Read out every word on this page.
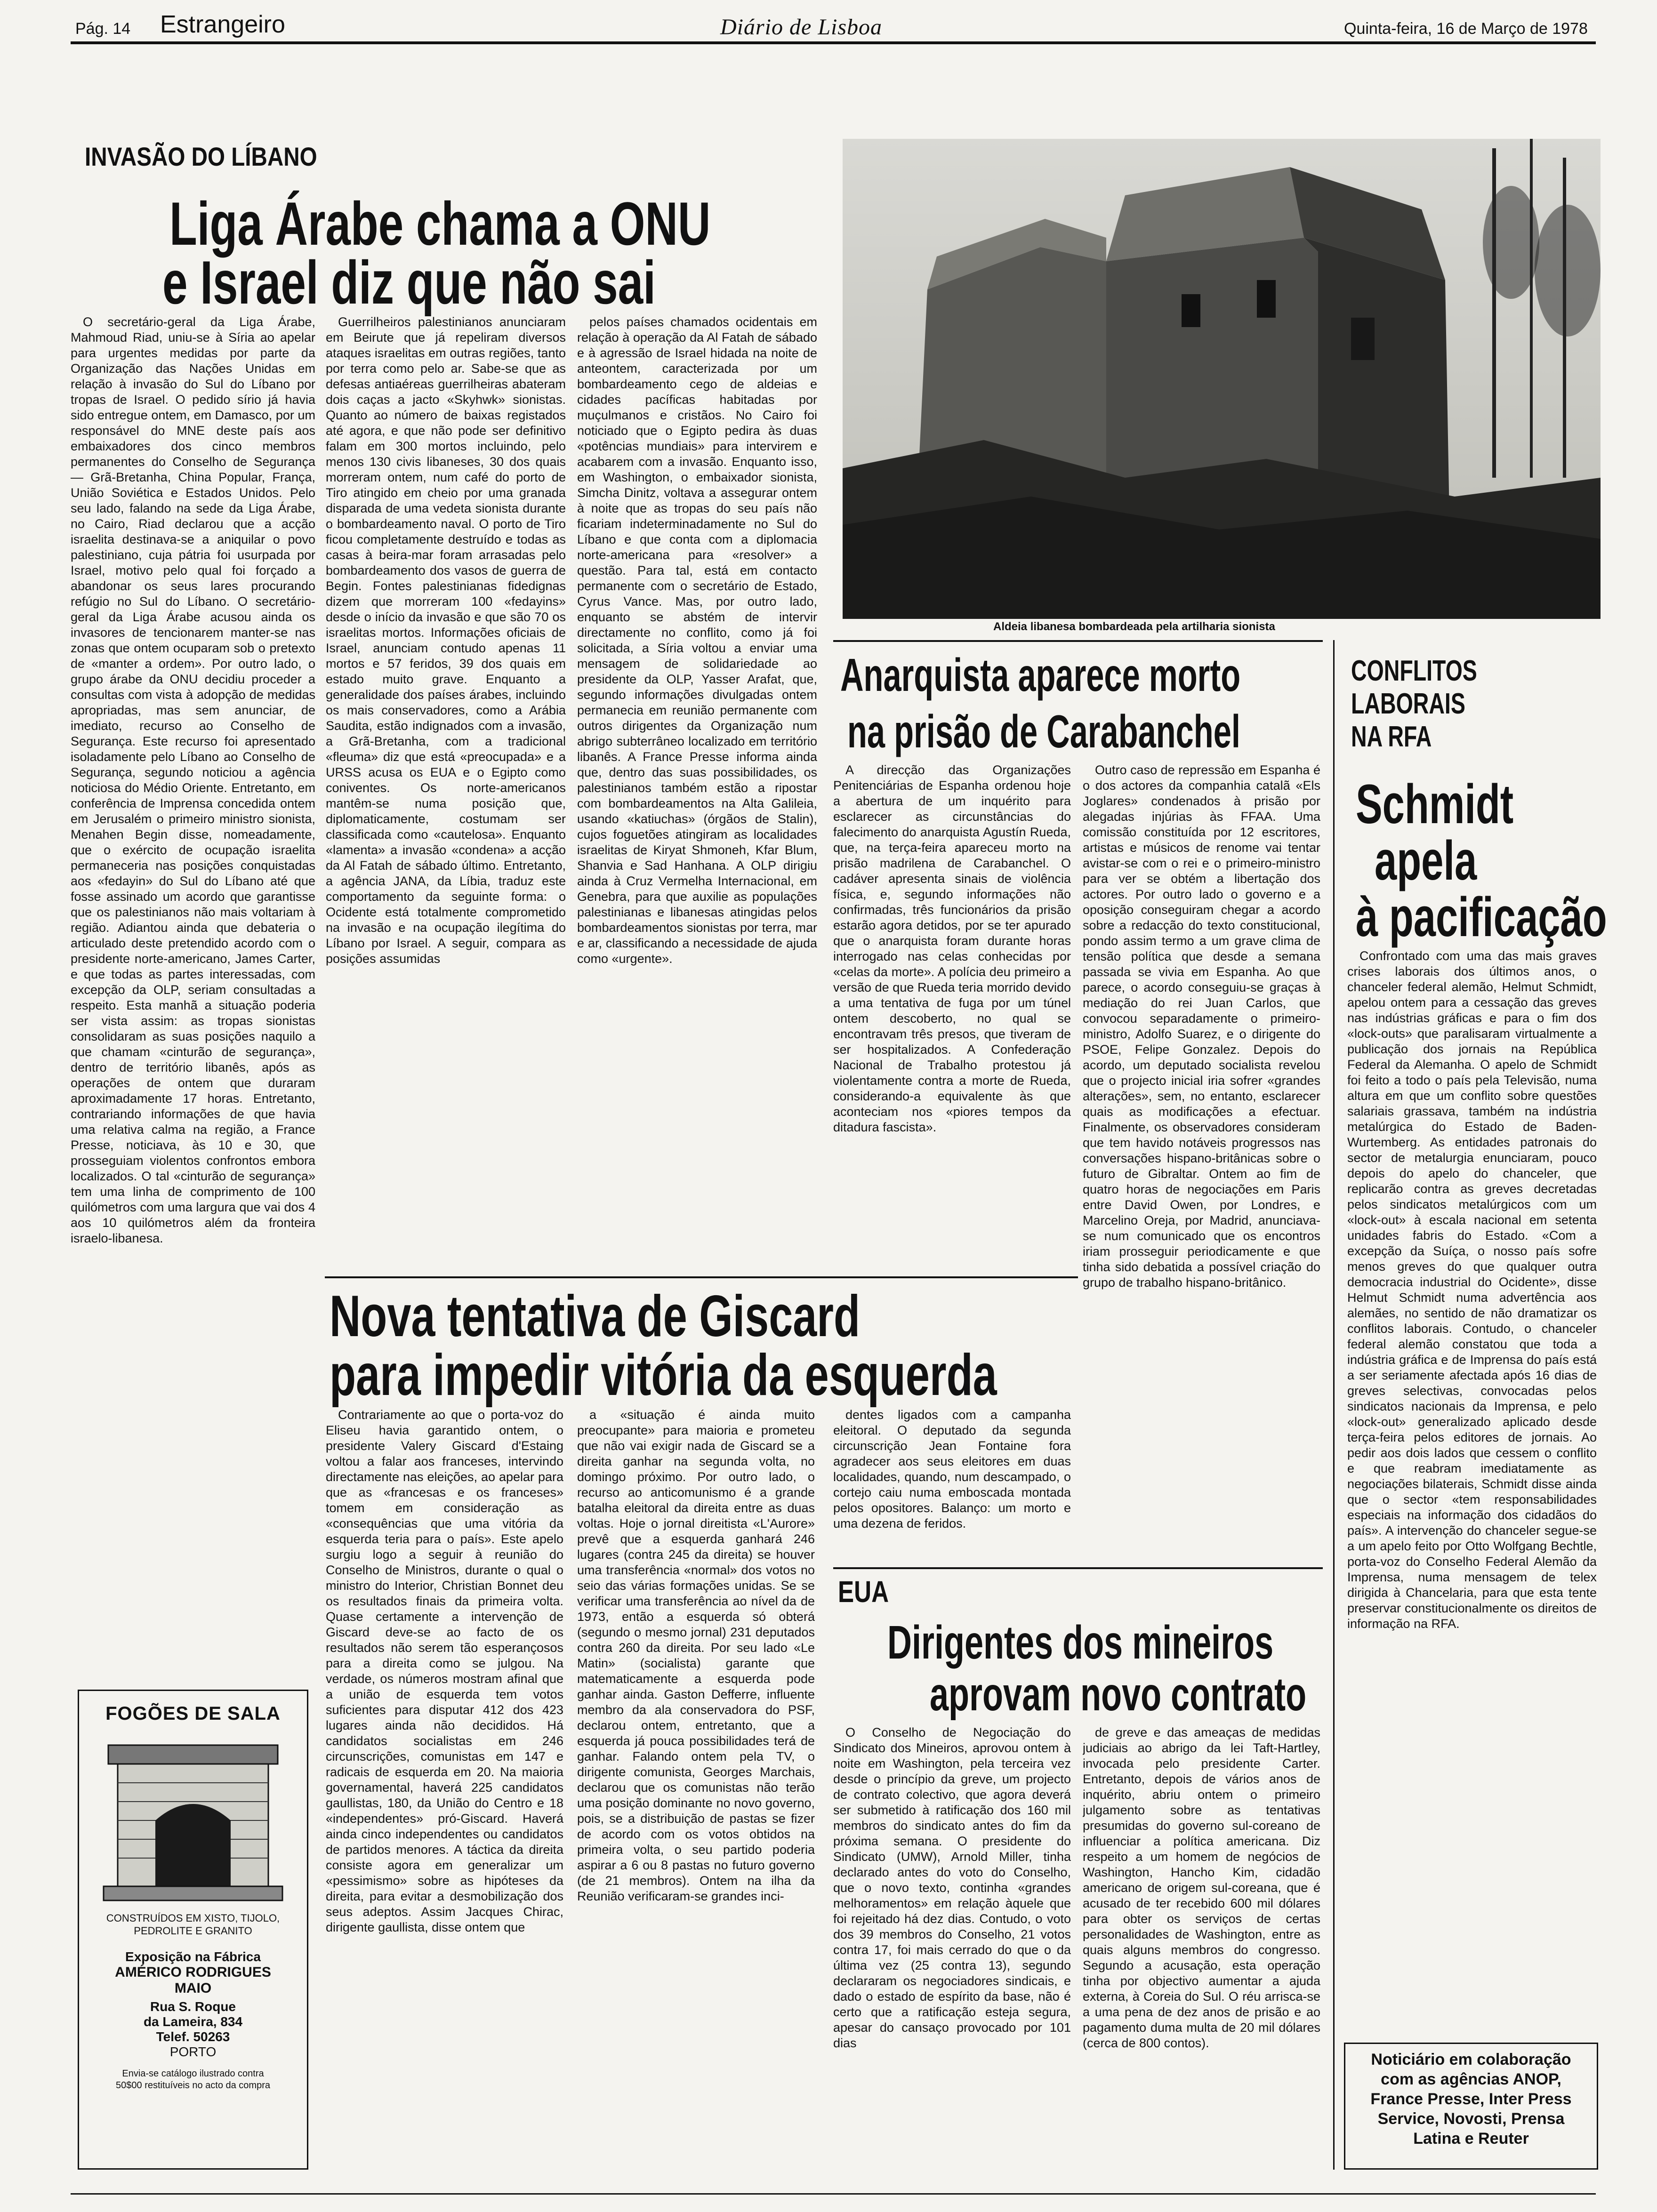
Pág. 14 Estrangeiro	Diário de Lisboa	Quinta-feira, 16 de Março de 1978
INVASÃO DO LÍBANO
Liga Árabe chama a ONU
e Israel diz que não sai

O secretário-geral da Liga Árabe, Mahmoud Riad, uniu-se à Síria ao apelar para urgentes medidas por parte da Organização das Nações Unidas em relação à invasão do Sul do Líbano por tropas de Israel. O pedido sírio já havia sido entregue ontem, em Damasco, por um responsável do MNE deste país aos embaixadores dos cinco membros permanentes do Conselho de Segurança — Grã-Bretanha, China Popular, França, União Soviética e Estados Unidos. Pelo seu lado, falando na sede da Liga Árabe, no Cairo, Riad declarou que a acção israelita destinava-se a aniquilar o povo palestiniano, cuja pátria foi usurpada por Israel, motivo pelo qual foi forçado a abandonar os seus lares procurando refúgio no Sul do Líbano. O secretário-geral da Liga Árabe acusou ainda os invasores de tencionarem manter-se nas zonas que ontem ocuparam sob o pretexto de «manter a ordem». Por outro lado, o grupo árabe da ONU decidiu proceder a consultas com vista à adopção de medidas apropriadas, mas sem anunciar, de imediato, recurso ao Conselho de Segurança. Este recurso foi apresentado isoladamente pelo Líbano ao Conselho de Segurança, segundo noticiou a agência noticiosa do Médio Oriente. Entretanto, em conferência de Imprensa concedida ontem em Jerusalém o primeiro ministro sionista, Menahen Begin disse, nomeadamente, que o exército de ocupação israelita permaneceria nas posições conquistadas aos «fedayin» do Sul do Líbano até que fosse assinado um acordo que garantisse que os palestinianos não mais voltariam à região. Adiantou ainda que debateria o articulado deste pretendido acordo com o presidente norte-americano, James Carter, e que todas as partes interessadas, com excepção da OLP, seriam consultadas a respeito. Esta manhã a situação poderia ser vista assim: as tropas sionistas consolidaram as suas posições naquilo a que chamam «cinturão de segurança», dentro de território libanês, após as operações de ontem que duraram aproximadamente 17 horas. Entretanto, contrariando informações de que havia uma relativa calma na região, a France Presse, noticiava, às 10 e 30, que prosseguiam violentos confrontos embora localizados. O tal «cinturão de segurança» tem uma linha de comprimento de 100 quilómetros com uma largura que vai dos 4 aos 10 quilómetros além da fronteira israelo-libanesa.

Guerrilheiros palestinianos anunciaram em Beirute que já repeliram diversos ataques israelitas em outras regiões, tanto por terra como pelo ar. Sabe-se que as defesas antiaéreas guerrilheiras abateram dois caças a jacto «Skyhwk» sionistas. Quanto ao número de baixas registados até agora, e que não pode ser definitivo falam em 300 mortos incluindo, pelo menos 130 civis libaneses, 30 dos quais morreram ontem, num café do porto de Tiro atingido em cheio por uma granada disparada de uma vedeta sionista durante o bombardeamento naval. O porto de Tiro ficou completamente destruído e todas as casas à beira-mar foram arrasadas pelo bombardeamento dos vasos de guerra de Begin. Fontes palestinianas fidedignas dizem que morreram 100 «fedayins» desde o início da invasão e que são 70 os israelitas mortos. Informações oficiais de Israel, anunciam contudo apenas 11 mortos e 57 feridos, 39 dos quais em estado muito grave. Enquanto a generalidade dos países árabes, incluindo os mais conservadores, como a Arábia Saudita, estão indignados com a invasão, a Grã-Bretanha, com a tradicional «fleuma» diz que está «preocupada» e a URSS acusa os EUA e o Egipto como coniventes. Os norte-americanos mantêm-se numa posição que, diplomaticamente, costumam ser classificada como «cautelosa». Enquanto «lamenta» a invasão «condena» a acção da Al Fatah de sábado último. Entretanto, a agência JANA, da Líbia, traduz este comportamento da seguinte forma: o Ocidente está totalmente comprometido na invasão e na ocupação ilegítima do Líbano por Israel. A seguir, compara as posições assumidas

pelos países chamados ocidentais em relação à operação da Al Fatah de sábado e à agressão de Israel hidada na noite de anteontem, caracterizada por um bombardeamento cego de aldeias e cidades pacíficas habitadas por muçulmanos e cristãos. No Cairo foi noticiado que o Egipto pedira às duas «potências mundiais» para intervirem e acabarem com a invasão. Enquanto isso, em Washington, o embaixador sionista, Simcha Dinitz, voltava a assegurar ontem à noite que as tropas do seu país não ficariam indeterminadamente no Sul do Líbano e que conta com a diplomacia norte-americana para «resolver» a questão. Para tal, está em contacto permanente com o secretário de Estado, Cyrus Vance. Mas, por outro lado, enquanto se abstém de intervir directamente no conflito, como já foi solicitada, a Síria voltou a enviar uma mensagem de solidariedade ao presidente da OLP, Yasser Arafat, que, segundo informações divulgadas ontem permanecia em reunião permanente com outros dirigentes da Organização num abrigo subterrâneo localizado em território libanês. A France Presse informa ainda que, dentro das suas possibilidades, os palestinianos também estão a ripostar com bombardeamentos na Alta Galileia, usando «katiuchas» (órgãos de Stalin), cujos foguetões atingiram as localidades israelitas de Kiryat Shmoneh, Kfar Blum, Shanvia e Sad Hanhana. A OLP dirigiu ainda à Cruz Vermelha Internacional, em Genebra, para que auxilie as populações palestinianas e libanesas atingidas pelos bombardeamentos sionistas por terra, mar e ar, classificando a necessidade de ajuda como «urgente».

Aldeia libanesa bombardeada pela artilharia sionista
Anarquista aparece morto
na prisão de Carabanchel

A direcção das Organizações Penitenciárias de Espanha ordenou hoje a abertura de um inquérito para esclarecer as circunstâncias do falecimento do anarquista Agustín Rueda, que, na terça-feira apareceu morto na prisão madrilena de Carabanchel. O cadáver apresenta sinais de violência física, e, segundo informações não confirmadas, três funcionários da prisão estarão agora detidos, por se ter apurado que o anarquista foram durante horas interrogado nas celas conhecidas por «celas da morte». A polícia deu primeiro a versão de que Rueda teria morrido devido a uma tentativa de fuga por um túnel ontem descoberto, no qual se encontravam três presos, que tiveram de ser hospitalizados. A Confederação Nacional de Trabalho protestou já violentamente contra a morte de Rueda, considerando-a equivalente às que aconteciam nos «piores tempos da ditadura fascista».

Outro caso de repressão em Espanha é o dos actores da companhia catalã «Els Joglares» condenados à prisão por alegadas injúrias às FFAA. Uma comissão constituída por 12 escritores, artistas e músicos de renome vai tentar avistar-se com o rei e o primeiro-ministro para ver se obtém a libertação dos actores. Por outro lado o governo e a oposição conseguiram chegar a acordo sobre a redacção do texto constitucional, pondo assim termo a um grave clima de tensão política que desde a semana passada se vivia em Espanha. Ao que parece, o acordo conseguiu-se graças à mediação do rei Juan Carlos, que convocou separadamente o primeiro-ministro, Adolfo Suarez, e o dirigente do PSOE, Felipe Gonzalez. Depois do acordo, um deputado socialista revelou que o projecto inicial iria sofrer «grandes alterações», sem, no entanto, esclarecer quais as modificações a efectuar. Finalmente, os observadores consideram que tem havido notáveis progressos nas conversações hispano-britânicas sobre o futuro de Gibraltar. Ontem ao fim de quatro horas de negociações em Paris entre David Owen, por Londres, e Marcelino Oreja, por Madrid, anunciava-se num comunicado que os encontros iriam prosseguir periodicamente e que tinha sido debatida a possível criação do grupo de trabalho hispano-britânico.

CONFLITOS
LABORAIS
NA RFA
Schmidt
apela
à pacificação

Confrontado com uma das mais graves crises laborais dos últimos anos, o chanceler federal alemão, Helmut Schmidt, apelou ontem para a cessação das greves nas indústrias gráficas e para o fim dos «lock-outs» que paralisaram virtualmente a publicação dos jornais na República Federal da Alemanha. O apelo de Schmidt foi feito a todo o país pela Televisão, numa altura em que um conflito sobre questões salariais grassava, também na indústria metalúrgica do Estado de Baden-Wurtemberg. As entidades patronais do sector de metalurgia enunciaram, pouco depois do apelo do chanceler, que replicarão contra as greves decretadas pelos sindicatos metalúrgicos com um «lock-out» à escala nacional em setenta unidades fabris do Estado. «Com a excepção da Suíça, o nosso país sofre menos greves do que qualquer outra democracia industrial do Ocidente», disse Helmut Schmidt numa advertência aos alemães, no sentido de não dramatizar os conflitos laborais. Contudo, o chanceler federal alemão constatou que toda a indústria gráfica e de Imprensa do país está a ser seriamente afectada após 16 dias de greves selectivas, convocadas pelos sindicatos nacionais da Imprensa, e pelo «lock-out» generalizado aplicado desde terça-feira pelos editores de jornais. Ao pedir aos dois lados que cessem o conflito e que reabram imediatamente as negociações bilaterais, Schmidt disse ainda que o sector «tem responsabilidades especiais na informação dos cidadãos do país». A intervenção do chanceler segue-se a um apelo feito por Otto Wolfgang Bechtle, porta-voz do Conselho Federal Alemão da Imprensa, numa mensagem de telex dirigida à Chancelaria, para que esta tente preservar constitucionalmente os direitos de informação na RFA.

Noticiário em colaboração com as agências ANOP, France Presse, Inter Press Service, Novosti, Prensa Latina e Reuter
Nova tentativa de Giscard
para impedir vitória da esquerda

Contrariamente ao que o porta-voz do Eliseu havia garantido ontem, o presidente Valery Giscard d'Estaing voltou a falar aos franceses, intervindo directamente nas eleições, ao apelar para que as «francesas e os franceses» tomem em consideração as «consequências que uma vitória da esquerda teria para o país». Este apelo surgiu logo a seguir à reunião do Conselho de Ministros, durante o qual o ministro do Interior, Christian Bonnet deu os resultados finais da primeira volta. Quase certamente a intervenção de Giscard deve-se ao facto de os resultados não serem tão esperançosos para a direita como se julgou. Na verdade, os números mostram afinal que a união de esquerda tem votos suficientes para disputar 412 dos 423 lugares ainda não decididos. Há candidatos socialistas em 246 circunscrições, comunistas em 147 e radicais de esquerda em 20. Na maioria governamental, haverá 225 candidatos gaullistas, 180, da União do Centro e 18 «independentes» pró-Giscard. Haverá ainda cinco independentes ou candidatos de partidos menores. A táctica da direita consiste agora em generalizar um «pessimismo» sobre as hipóteses da direita, para evitar a desmobilização dos seus adeptos. Assim Jacques Chirac, dirigente gaullista, disse ontem que

a «situação é ainda muito preocupante» para maioria e prometeu que não vai exigir nada de Giscard se a direita ganhar na segunda volta, no domingo próximo. Por outro lado, o recurso ao anticomunismo é a grande batalha eleitoral da direita entre as duas voltas. Hoje o jornal direitista «L'Aurore» prevê que a esquerda ganhará 246 lugares (contra 245 da direita) se houver uma transferência «normal» dos votos no seio das várias formações unidas. Se se verificar uma transferência ao nível da de 1973, então a esquerda só obterá (segundo o mesmo jornal) 231 deputados contra 260 da direita. Por seu lado «Le Matin» (socialista) garante que matematicamente a esquerda pode ganhar ainda. Gaston Defferre, influente membro da ala conservadora do PSF, declarou ontem, entretanto, que a esquerda já pouca possibilidades terá de ganhar. Falando ontem pela TV, o dirigente comunista, Georges Marchais, declarou que os comunistas não terão uma posição dominante no novo governo, pois, se a distribuição de pastas se fizer de acordo com os votos obtidos na primeira volta, o seu partido poderia aspirar a 6 ou 8 pastas no futuro governo (de 21 membros). Ontem na ilha da Reunião verificaram-se grandes inci-

dentes ligados com a campanha eleitoral. O deputado da segunda circunscrição Jean Fontaine fora agradecer aos seus eleitores em duas localidades, quando, num descampado, o cortejo caiu numa emboscada montada pelos opositores. Balanço: um morto e uma dezena de feridos.

EUA
Dirigentes dos mineiros
aprovam novo contrato

O Conselho de Negociação do Sindicato dos Mineiros, aprovou ontem à noite em Washington, pela terceira vez desde o princípio da greve, um projecto de contrato colectivo, que agora deverá ser submetido à ratificação dos 160 mil membros do sindicato antes do fim da próxima semana. O presidente do Sindicato (UMW), Arnold Miller, tinha declarado antes do voto do Conselho, que o novo texto, continha «grandes melhoramentos» em relação àquele que foi rejeitado há dez dias. Contudo, o voto dos 39 membros do Conselho, 21 votos contra 17, foi mais cerrado do que o da última vez (25 contra 13), segundo declararam os negociadores sindicais, e dado o estado de espírito da base, não é certo que a ratificação esteja segura, apesar do cansaço provocado por 101 dias

de greve e das ameaças de medidas judiciais ao abrigo da lei Taft-Hartley, invocada pelo presidente Carter. Entretanto, depois de vários anos de inquérito, abriu ontem o primeiro julgamento sobre as tentativas presumidas do governo sul-coreano de influenciar a política americana. Diz respeito a um homem de negócios de Washington, Hancho Kim, cidadão americano de origem sul-coreana, que é acusado de ter recebido 600 mil dólares para obter os serviços de certas personalidades de Washington, entre as quais alguns membros do congresso. Segundo a acusação, esta operação tinha por objectivo aumentar a ajuda externa, à Coreia do Sul. O réu arrisca-se a uma pena de dez anos de prisão e ao pagamento duma multa de 20 mil dólares (cerca de 800 contos).

FOGÕES DE SALA
CONSTRUÍDOS EM XISTO, TIJOLO, PEDROLITE E GRANITO
Exposição na Fábrica
AMÉRICO RODRIGUES
MAIO
Rua S. Roque
da Lameira, 834
Telef. 50263
PORTO
Envia-se catálogo ilustrado contra 50$00 restituíveis no acto da compra
